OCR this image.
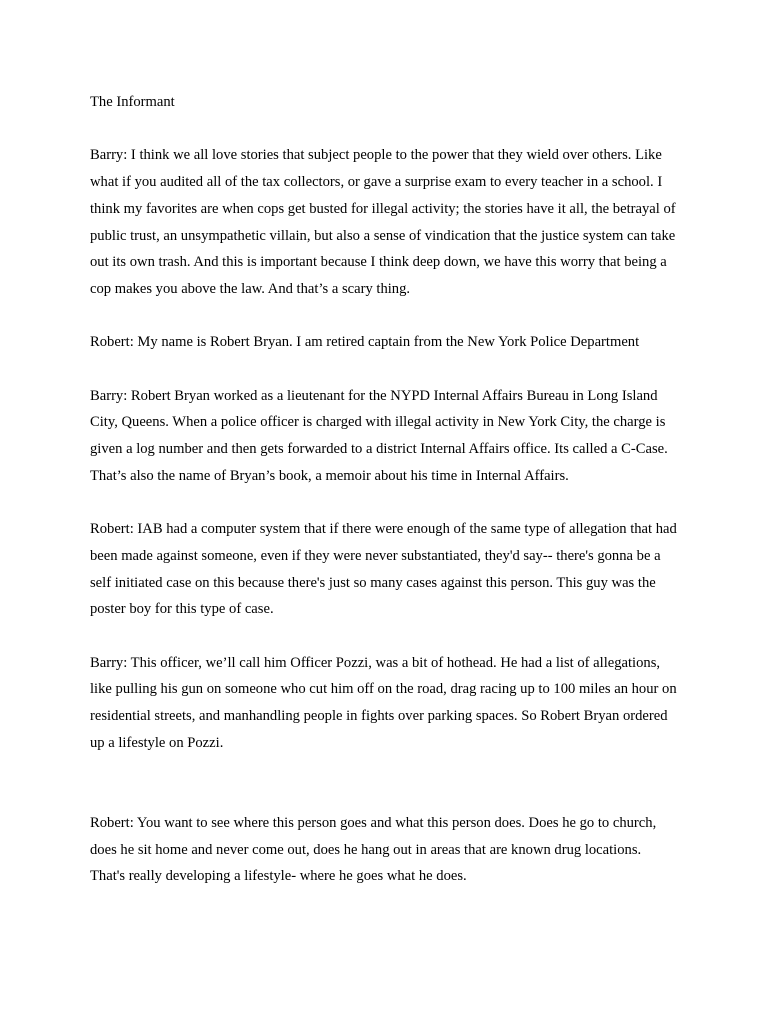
The Informant

Barry: I think we all love stories that subject people to the power that they wield over others. Like what if you audited all of the tax collectors, or gave a surprise exam to every teacher in a school. I think my favorites are when cops get busted for illegal activity; the stories have it all, the betrayal of public trust, an unsympathetic villain, but also a sense of vindication that the justice system can take out its own trash. And this is important because I think deep down, we have this worry that being a cop makes you above the law. And that’s a scary thing.

Robert: My name is Robert Bryan. I am retired captain from the New York Police Department

Barry: Robert Bryan worked as a lieutenant for the NYPD Internal Affairs Bureau in Long Island City, Queens. When a police officer is charged with illegal activity in New York City, the charge is given a log number and then gets forwarded to a district Internal Affairs office. Its called a C-Case. That’s also the name of Bryan’s book, a memoir about his time in Internal Affairs.

Robert: IAB had a computer system that if there were enough of the same type of allegation that had been made against someone, even if they were never substantiated, they'd say-- there's gonna be a self initiated case on this because there's just so many cases against this person. This guy was the poster boy for this type of case.

Barry: This officer, we’ll call him Officer Pozzi, was a bit of hothead. He had a list of allegations, like pulling his gun on someone who cut him off on the road, drag racing up to 100 miles an hour on residential streets, and manhandling people in fights over parking spaces. So Robert Bryan ordered up a lifestyle on Pozzi.

Robert: You want to see where this person goes and what this person does. Does he go to church, does he sit home and never come out, does he hang out in areas that are known drug locations. That's really developing a lifestyle- where he goes what he does.
